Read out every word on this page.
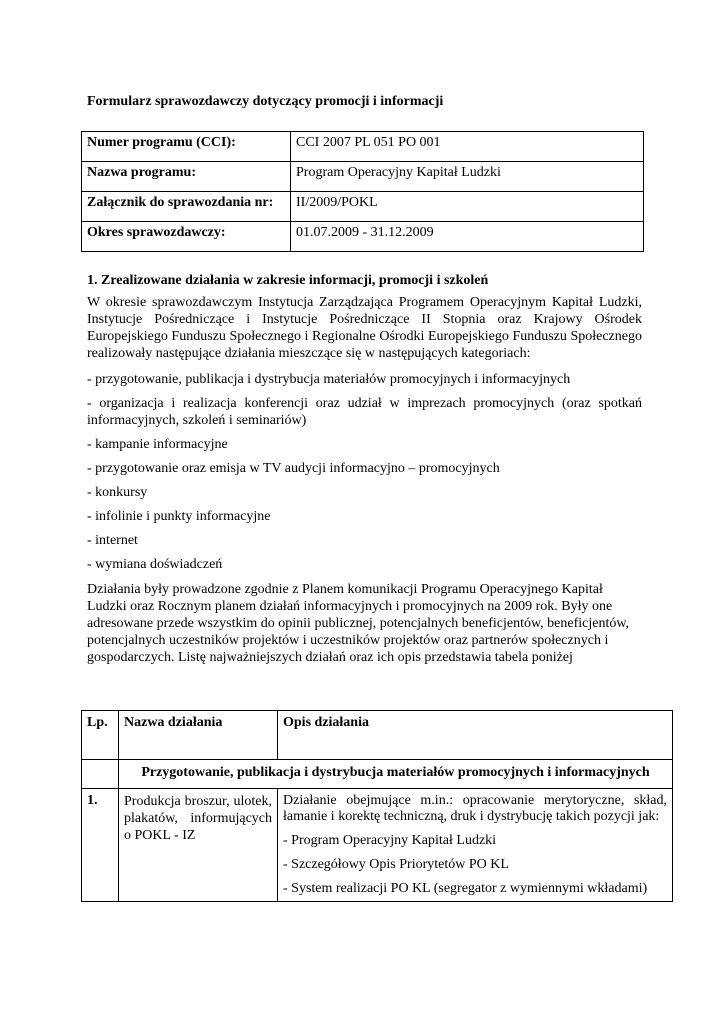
Formularz sprawozdawczy dotyczący promocji i informacji
Numer programu (CCI):	CCI 2007 PL 051 PO 001
Nazwa programu:	Program Operacyjny Kapitał Ludzki
Załącznik do sprawozdania nr:	II/2009/POKL
Okres sprawozdawczy:	01.07.2009 - 31.12.2009
1. Zrealizowane działania w zakresie informacji, promocji i szkoleń
W okresie sprawozdawczym Instytucja Zarządzająca Programem Operacyjnym Kapitał Ludzki, Instytucje Pośredniczące i Instytucje Pośredniczące II Stopnia oraz Krajowy Ośrodek Europejskiego Funduszu Społecznego i Regionalne Ośrodki Europejskiego Funduszu Społecznego realizowały następujące działania mieszczące się w następujących kategoriach:
- przygotowanie, publikacja i dystrybucja materiałów promocyjnych i informacyjnych
- organizacja i realizacja konferencji oraz udział w imprezach promocyjnych (oraz spotkań informacyjnych, szkoleń i seminariów)
- kampanie informacyjne
- przygotowanie oraz emisja w TV audycji informacyjno – promocyjnych
- konkursy
- infolinie i punkty informacyjne
- internet
- wymiana doświadczeń
Działania były prowadzone zgodnie z Planem komunikacji Programu Operacyjnego Kapitał Ludzki oraz Rocznym planem działań informacyjnych i promocyjnych na 2009 rok. Były one adresowane przede wszystkim do opinii publicznej, potencjalnych beneficjentów, beneficjentów, potencjalnych uczestników projektów i uczestników projektów oraz partnerów społecznych i gospodarczych. Listę najważniejszych działań oraz ich opis przedstawia tabela poniżej
Lp.	Nazwa działania	Opis działania
	Przygotowanie, publikacja i dystrybucja materiałów promocyjnych i informacyjnych	
1.	Produkcja broszur, ulotek, plakatów, informujących o POKL - IZ	Działanie obejmujące m.in.: opracowanie merytoryczne, skład, łamanie i korektę techniczną, druk i dystrybucję takich pozycji jak:
- Program Operacyjny Kapitał Ludzki
- Szczegółowy Opis Priorytetów PO KL
- System realizacji PO KL (segregator z wymiennymi wkładami)
